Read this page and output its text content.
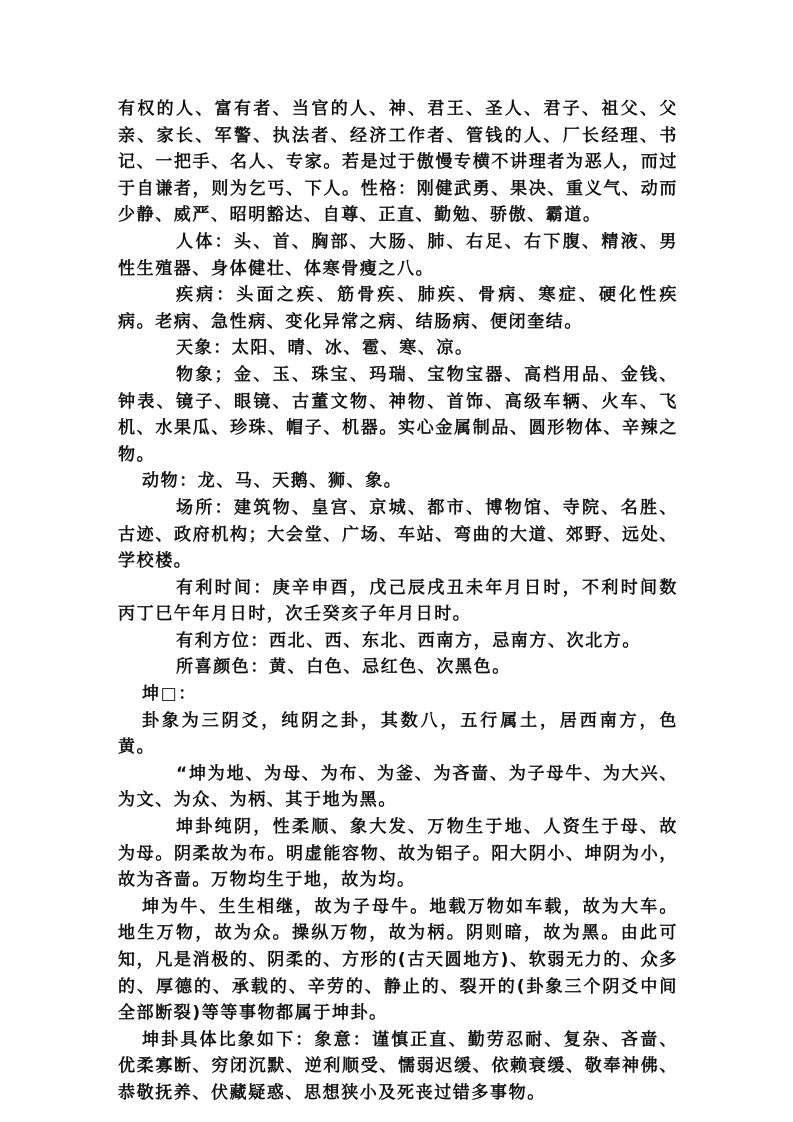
有权的人、富有者、当官的人、神、君王、圣人、君子、祖父、父亲、家长、军警、执法者、经济工作者、管钱的人、厂长经理、书记、一把手、名人、专家。若是过于傲慢专横不讲理者为恶人，而过于自谦者，则为乞丐、下人。性格：刚健武勇、果决、重义气、动而少静、威严、昭明豁达、自尊、正直、勤勉、骄傲、霸道。

人体：头、首、胸部、大肠、肺、右足、右下腹、精液、男性生殖器、身体健壮、体寒骨瘦之八。

疾病：头面之疾、筋骨疾、肺疾、骨病、寒症、硬化性疾病。老病、急性病、变化异常之病、结肠病、便闭奎结。

天象：太阳、晴、冰、雹、寒、凉。

物象；金、玉、珠宝、玛瑞、宝物宝器、高档用品、金钱、钟表、镜子、眼镜、古董文物、神物、首饰、高级车辆、火车、飞机、水果瓜、珍珠、帽子、机器。实心金属制品、圆形物体、辛辣之物。

动物：龙、马、天鹅、狮、象。

场所：建筑物、皇宫、京城、都市、博物馆、寺院、名胜、古迹、政府机构；大会堂、广场、车站、弯曲的大道、郊野、远处、学校楼。

有利时间：庚辛申酉，戊己辰戌丑未年月日时，不利时间数丙丁巳午年月日时，次壬癸亥子年月日时。

有利方位：西北、西、东北、西南方，忌南方、次北方。

所喜颜色：黄、白色、忌红色、次黑色。

坤□：

卦象为三阴爻，纯阴之卦，其数八，五行属土，居西南方，色黄。

“坤为地、为母、为布、为釜、为吝啬、为子母牛、为大兴、为文、为众、为柄、其于地为黑。

坤卦纯阴，性柔顺、象大发、万物生于地、人资生于母、故为母。阴柔故为布。明虚能容物、故为铝子。阳大阴小、坤阴为小，故为吝啬。万物均生于地，故为均。

坤为牛、生生相继，故为子母牛。地载万物如车载，故为大车。地生万物，故为众。操纵万物，故为柄。阴则暗，故为黑。由此可知，凡是消极的、阴柔的、方形的(古天圆地方)、软弱无力的、众多的、厚德的、承载的、辛劳的、静止的、裂开的(卦象三个阴爻中间全部断裂)等等事物都属于坤卦。

坤卦具体比象如下：象意：谨慎正直、勤劳忍耐、复杂、吝啬、优柔寡断、穷闭沉默、逆利顺受、懦弱迟缓、依赖衰缓、敬奉神佛、恭敬抚养、伏藏疑惑、思想狭小及死丧过错多事物。
